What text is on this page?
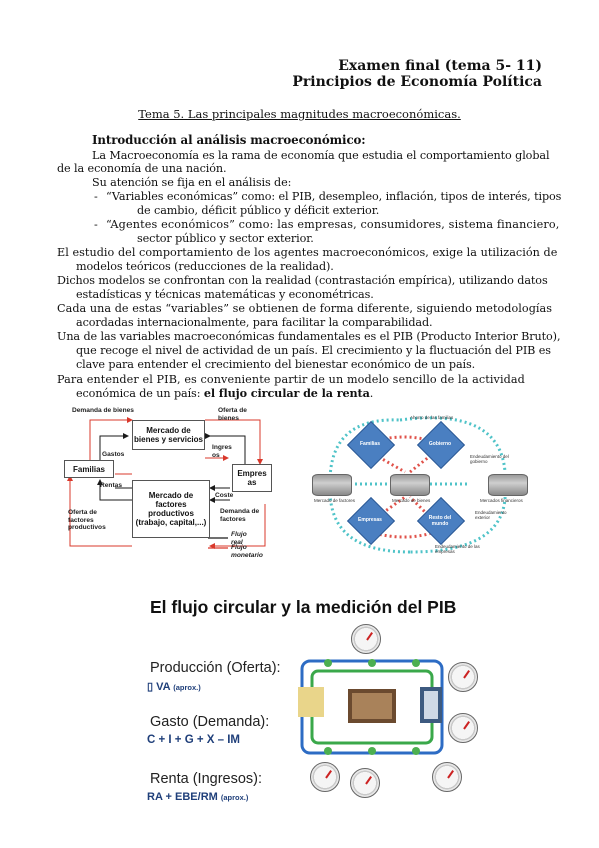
Examen final (tema 5- 11)
Principios de Economía Política
Tema 5. Las principales magnitudes macroeconómicas.
Introducción al análisis macroeconómico:
La Macroeconomía es la rama de economía que estudia el comportamiento global
de la economía de una nación.
Su atención se fija en el análisis de:
- “Variables económicas” como: el PIB, desempleo, inflación, tipos de interés, tipos
de cambio, déficit público y déficit exterior.
- “Agentes económicos” como: las empresas, consumidores, sistema financiero,
sector público y sector exterior.
El estudio del comportamiento de los agentes macroeconómicos, exige la utilización de
modelos teóricos (reducciones de la realidad).
Dichos modelos se confrontan con la realidad (contrastación empírica), utilizando datos
estadísticas y técnicas matemáticas y econométricas.
Cada una de estas “variables” se obtienen de forma diferente, siguiendo metodologías
acordadas internacionalmente, para facilitar la comparabilidad.
Una de las variables macroeconómicas fundamentales es el PIB (Producto Interior Bruto),
que recoge el nivel de actividad de un país. El crecimiento y la fluctuación del PIB es
clave para entender el crecimiento del bienestar económico de un país.
Para entender el PIB, es conveniente partir de un modelo sencillo de la actividad
económica de un país: el flujo circular de la renta.
Demanda de bienes	Oferta de bienes
Mercado de bienes y servicios
Gastos
Ingres os
Familias	Empres as
Rentas
Coste
Mercado de factores productivos (trabajo, capital,...)
Oferta de factores productivos
Demanda de factores
Flujo real
Flujo monetario
Familias	Gobierno
Empresas	Resto del mundo
Ahorro de las familias
Mercado de factores	Mercado de bienes	Mercados financieros
Endeudamiento del gobierno
Endeudamiento exterior
Endeudamiento de las empresas
El flujo circular y la medición del PIB
Producción (Oferta):
▯ VA (aprox.)
Gasto (Demanda):
C + I + G + X – IM
Renta (Ingresos):
RA + EBE/RM (aprox.)
